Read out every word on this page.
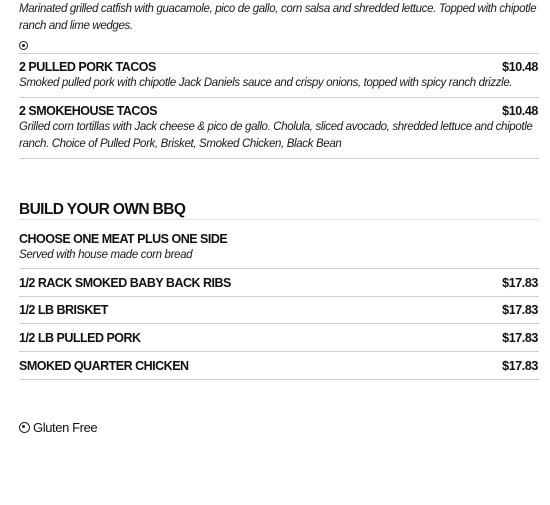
Marinated grilled catfish with guacamole, pico de gallo, corn salsa and shredded lettuce. Topped with chipotle ranch and lime wedges.
2 PULLED PORK TACOS	$10.48
Smoked pulled pork with chipotle Jack Daniels sauce and crispy onions, topped with spicy ranch drizzle.
2 SMOKEHOUSE TACOS	$10.48
Grilled corn tortillas with Jack cheese & pico de gallo. Cholula, sliced avocado, shredded lettuce and chipotle ranch. Choice of Pulled Pork, Brisket, Smoked Chicken, Black Bean
BUILD YOUR OWN BBQ
CHOOSE ONE MEAT PLUS ONE SIDE
Served with house made corn bread
1/2 RACK SMOKED BABY BACK RIBS	$17.83
1/2 LB BRISKET	$17.83
1/2 LB PULLED PORK	$17.83
SMOKED QUARTER CHICKEN	$17.83
Gluten Free
